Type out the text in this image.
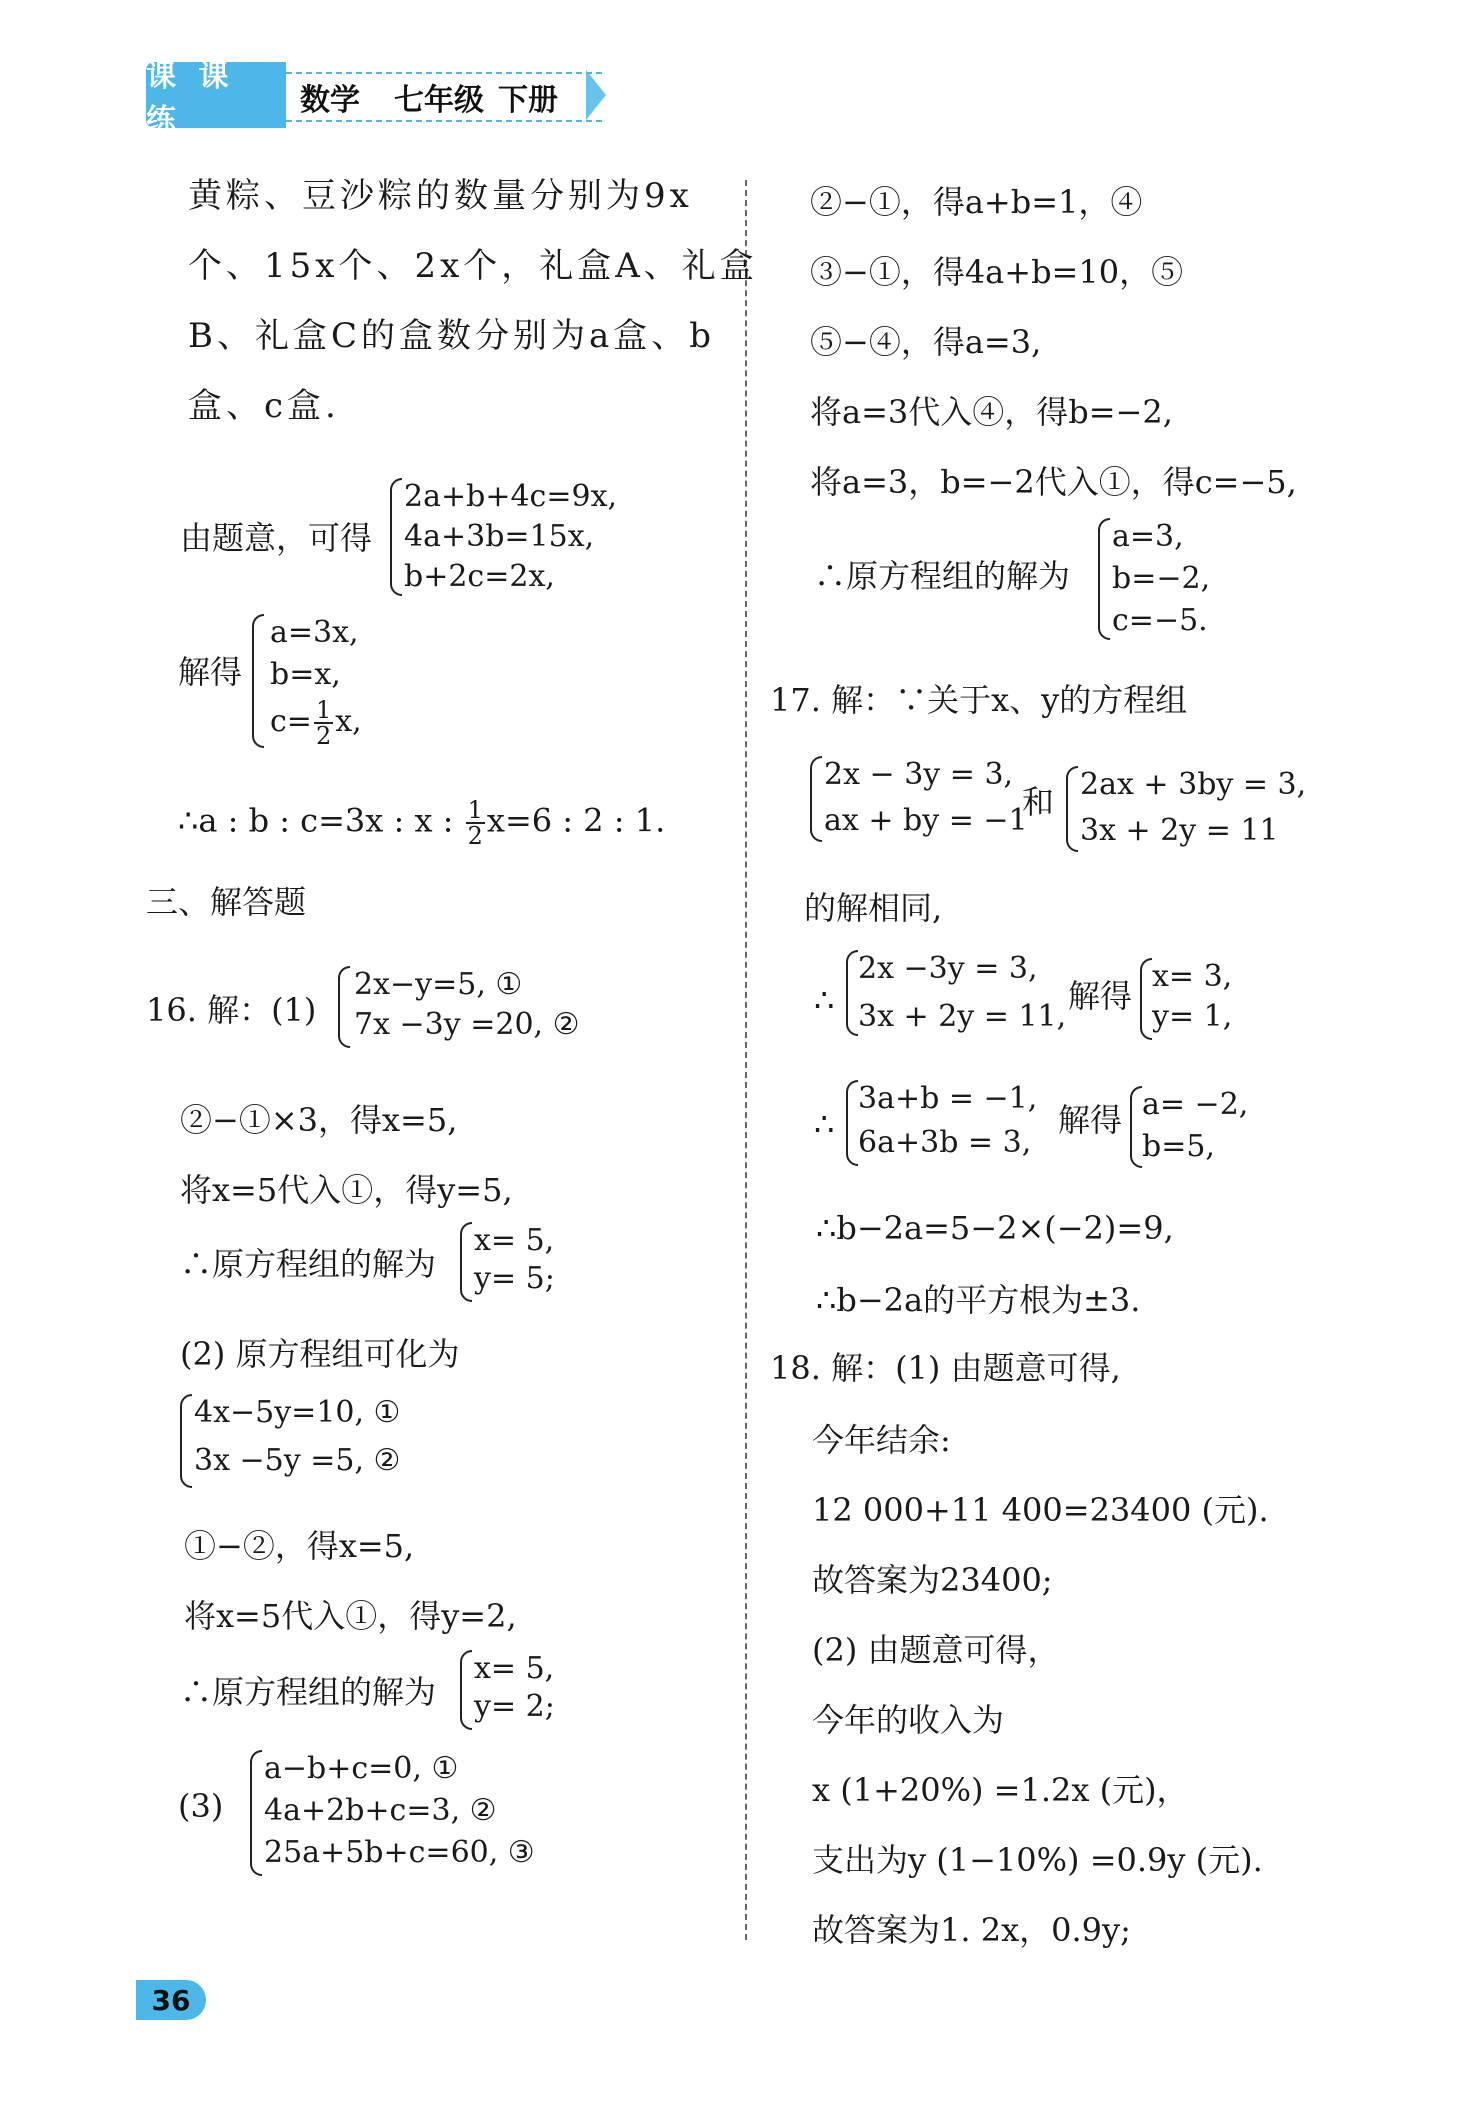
课 课 练
数学 七年级 下册
黄粽、豆沙粽的数量分别为9x
个、15x个、2x个，礼盒A、礼盒
B、礼盒C的盒数分别为a盒、b
盒、c盒.
由题意，可得
2a+b+4c=9x,
4a+3b=15x,
b+2c=2x,
解得
a=3x,
b=x,
$c= \frac{1}{2} x$,
∴a : b : c=3x : x : $\frac{1}{2} x=6$ : 2 : 1.
三、解答题
16. 解：(1)
2x−y=5, ①
7x −3y =20, ②
②−①×3，得x=5,
将x=5代入①，得y=5,
∴原方程组的解为
x= 5,
y= 5;
(2) 原方程组可化为
4x−5y=10, ①
3x −5y =5, ②
①−②，得x=5,
将x=5代入①，得y=2,
∴原方程组的解为
x= 5,
y= 2;
(3)
a−b+c=0, ①
4a+2b+c=3, ②
25a+5b+c=60, ③
②−①，得a+b=1，④
③−①，得4a+b=10，⑤
⑤−④，得a=3,
将a=3代入④，得b=−2,
将a=3，b=−2代入①，得c=−5,
∴原方程组的解为
a=3,
b=−2,
c=−5.
17. 解：∵关于x、y的方程组
2x − 3y = 3,
ax + by = −1
和 2ax + 3by = 3,
3x + 2y = 11
的解相同,
∴
2x −3y = 3,
3x + 2y = 11,
解得
x= 3,
y= 1,
∴
3a+b = −1,
6a+3b = 3,
解得 a= −2,
b=5,
∴b−2a=5−2×(−2)=9,
∴b−2a的平方根为±3.
18. 解：(1) 由题意可得,
今年结余:
12 000+11 400=23400 (元).
故答案为23400;
(2) 由题意可得，
今年的收入为
x (1+20%) =1.2x (元)，
支出为y (1−10%) =0.9y (元).
故答案为1. 2x，0.9y;
36
